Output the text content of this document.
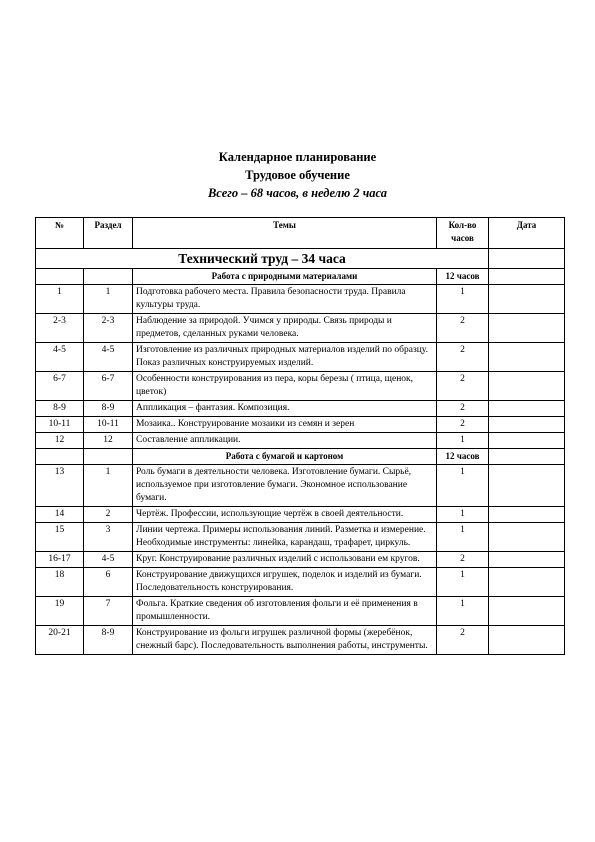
Календарное планирование
Трудовое обучение
Всего – 68 часов, в неделю 2 часа
№	Раздел	Темы	Кол-во часов	Дата
Технический труд – 34 часа				
		Работа с природными материалами	12 часов	
1	1	Подготовка рабочего места. Правила безопасности труда. Правила культуры труда.	1	
2-3	2-3	Наблюдение за природой. Учимся у природы. Связь природы и предметов, сделанных руками человека.	2	
4-5	4-5	Изготовление из различных природных материалов изделий по образцу. Показ различных конструируемых изделий.	2	
6-7	6-7	Особенности конструирования из пера, коры березы ( птица, щенок, цветок)	2	
8-9	8-9	Аппликация – фантазия. Композиция.	2	
10-11	10-11	Мозаика.. Конструирование мозаики из семян и зерен	2	
12	12	Составление аппликации.	1	
		Работа с бумагой и картоном	12 часов	
13	1	Роль бумаги в деятельности человека. Изготовление бумаги. Сырьё, используемое при изготовление бумаги. Экономное использование бумаги.	1	
14	2	Чертёж. Профессии, использующие чертёж в своей деятельности.	1	
15	3	Линии чертежа. Примеры использования линий. Разметка и измерение. Необходимые инструменты: линейка, карандаш, трафарет, циркуль.	1	
16-17	4-5	Круг. Конструирование различных изделий с использовани ем кругов.	2	
18	6	Конструирование движущихся игрушек, поделок и изделий из бумаги. Последовательность конструирования.	1	
19	7	Фольга. Краткие сведения об изготовления фольги и её применения в промышленности.	1	
20-21	8-9	Конструирование из фольги игрушек различной формы (жеребёнок, снежный барс). Последовательность выполнения работы, инструменты.	2	
